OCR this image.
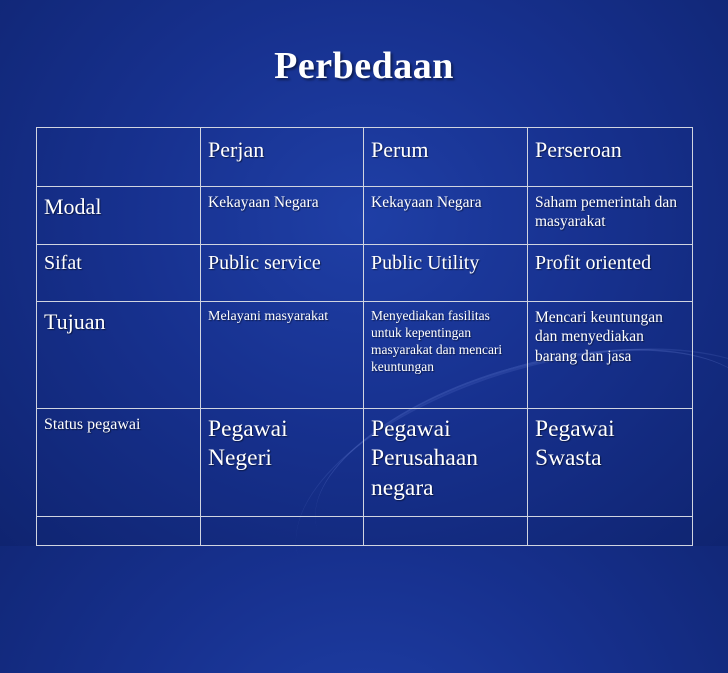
Perbedaan
	Perjan	Perum	Perseroan
Modal	Kekayaan Negara	Kekayaan Negara	Saham pemerintah dan masyarakat
Sifat	Public service	Public Utility	Profit oriented
Tujuan	Melayani masyarakat	Menyediakan fasilitas untuk kepentingan masyarakat dan mencari keuntungan	Mencari keuntungan dan menyediakan barang dan jasa
Status pegawai	Pegawai Negeri	Pegawai Perusahaan negara	Pegawai Swasta
